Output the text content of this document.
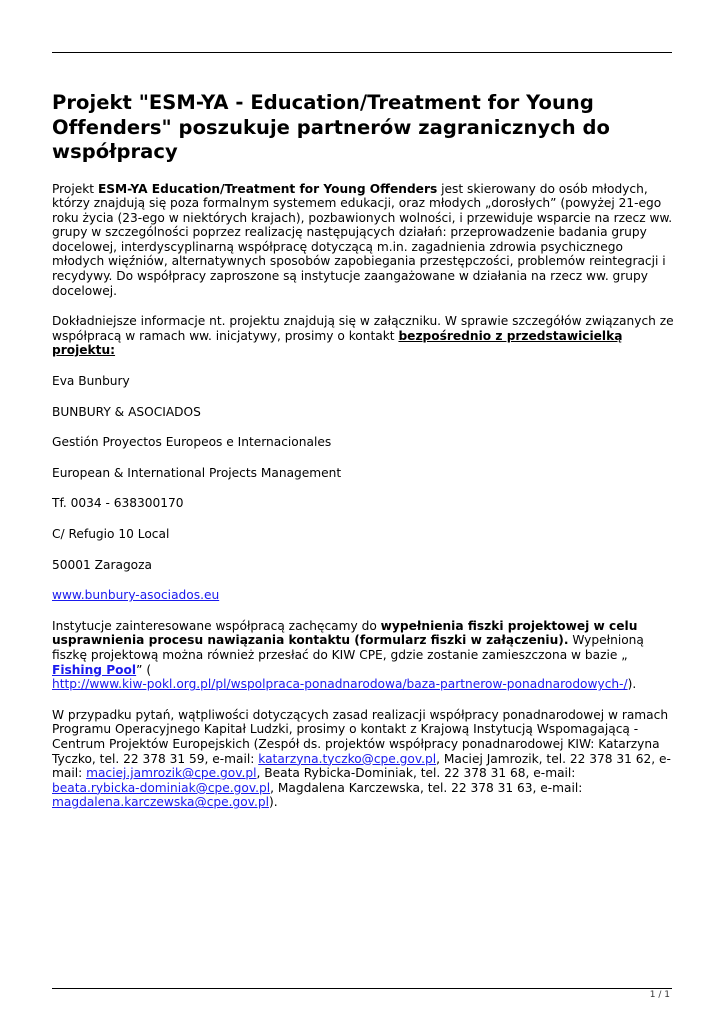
Projekt "ESM-YA - Education/Treatment for Young Offenders" poszukuje partnerów zagranicznych do współpracy

Projekt ESM-YA Education/Treatment for Young Offenders jest skierowany do osób młodych, którzy znajdują się poza formalnym systemem edukacji, oraz młodych „dorosłych” (powyżej 21-ego roku życia (23-ego w niektórych krajach), pozbawionych wolności, i przewiduje wsparcie na rzecz ww. grupy w szczególności poprzez realizację następujących działań: przeprowadzenie badania grupy docelowej, interdyscyplinarną współpracę dotyczącą m.in. zagadnienia zdrowia psychicznego młodych więźniów, alternatywnych sposobów zapobiegania przestępczości, problemów reintegracji i recydywy. Do współpracy zaproszone są instytucje zaangażowane w działania na rzecz ww. grupy docelowej.

Dokładniejsze informacje nt. projektu znajdują się w załączniku. W sprawie szczegółów związanych ze współpracą w ramach ww. inicjatywy, prosimy o kontakt bezpośrednio z przedstawicielką projektu:

Eva Bunbury

BUNBURY & ASOCIADOS

Gestión Proyectos Europeos e Internacionales

European & International Projects Management

Tf. 0034 - 638300170

C/ Refugio 10 Local

50001 Zaragoza

www.bunbury-asociados.eu

Instytucje zainteresowane współpracą zachęcamy do wypełnienia fiszki projektowej w celu usprawnienia procesu nawiązania kontaktu (formularz fiszki w załączeniu). Wypełnioną fiszkę projektową można również przesłać do KIW CPE, gdzie zostanie zamieszczona w bazie „ Fishing Pool” (
http://www.kiw-pokl.org.pl/pl/wspolpraca-ponadnarodowa/baza-partnerow-ponadnarodowych-/).

W przypadku pytań, wątpliwości dotyczących zasad realizacji współpracy ponadnarodowej w ramach Programu Operacyjnego Kapitał Ludzki, prosimy o kontakt z Krajową Instytucją Wspomagającą - Centrum Projektów Europejskich (Zespół ds. projektów współpracy ponadnarodowej KIW: Katarzyna Tyczko, tel. 22 378 31 59, e-mail: katarzyna.tyczko@cpe.gov.pl, Maciej Jamrozik, tel. 22 378 31 62, e-mail: maciej.jamrozik@cpe.gov.pl, Beata Rybicka-Dominiak, tel. 22 378 31 68, e-mail:
beata.rybicka-dominiak@cpe.gov.pl, Magdalena Karczewska, tel. 22 378 31 63, e-mail:
magdalena.karczewska@cpe.gov.pl).

1 / 1
